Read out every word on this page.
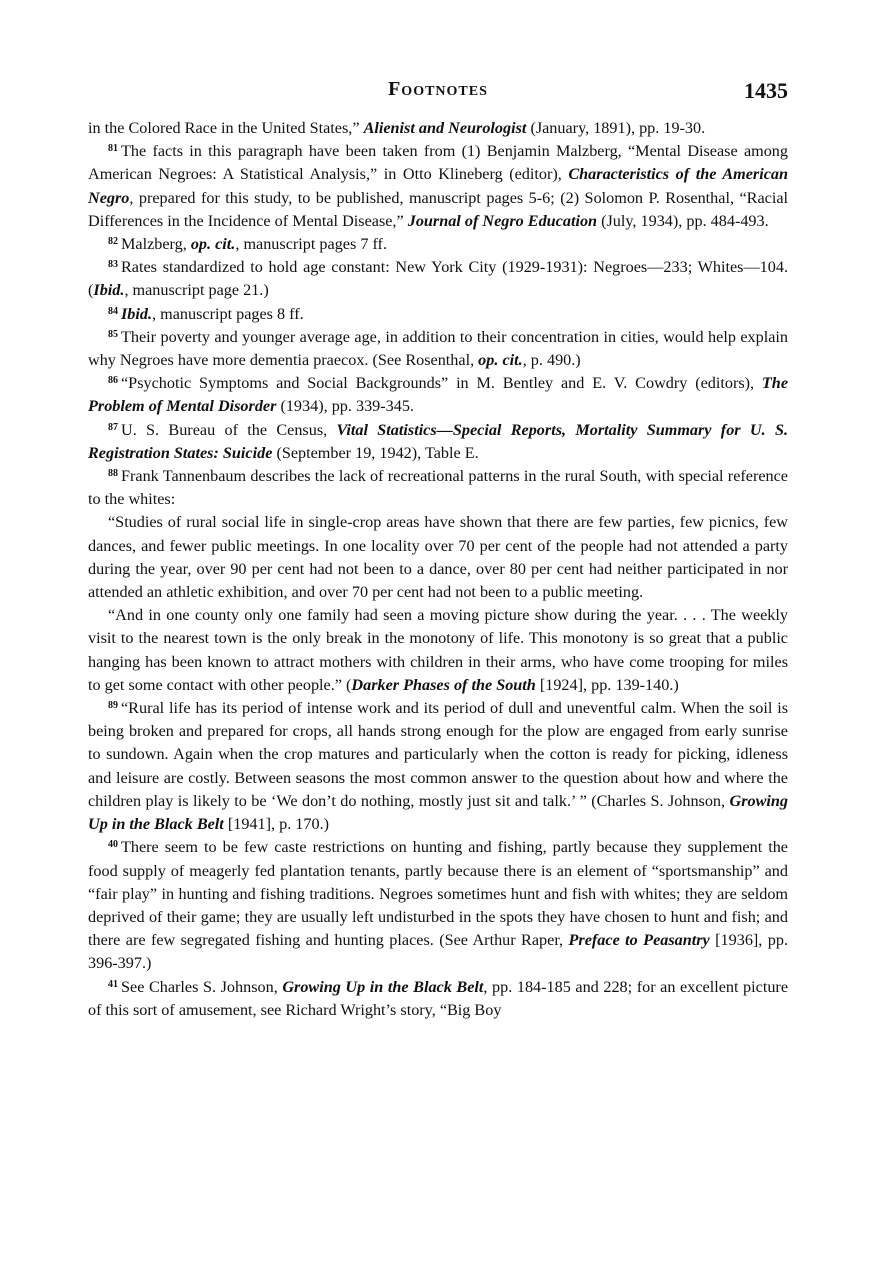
Footnotes	1435

in the Colored Race in the United States,” Alienist and Neurologist (January, 1891), pp. 19-30.

$^{81}$ The facts in this paragraph have been taken from (1) Benjamin Malzberg, “Mental Disease among American Negroes: A Statistical Analysis,” in Otto Klineberg (editor), Characteristics of the American Negro, prepared for this study, to be published, manuscript pages 5-6; (2) Solomon P. Rosenthal, “Racial Differences in the Incidence of Mental Disease,” Journal of Negro Education (July, 1934), pp. 484-493.

$^{82}$ Malzberg, op. cit., manuscript pages 7 ff.

$^{83}$ Rates standardized to hold age constant: New York City (1929-1931): Negroes—233; Whites—104. (Ibid., manuscript page 21.)

$^{84}$ Ibid., manuscript pages 8 ff.

$^{85}$ Their poverty and younger average age, in addition to their concentration in cities, would help explain why Negroes have more dementia praecox. (See Rosenthal, op. cit., p. 490.)

$^{86}$ “Psychotic Symptoms and Social Backgrounds” in M. Bentley and E. V. Cowdry (editors), The Problem of Mental Disorder (1934), pp. 339-345.

$^{87}$ U. S. Bureau of the Census, Vital Statistics—Special Reports, Mortality Summary for U. S. Registration States: Suicide (September 19, 1942), Table E.

$^{88}$ Frank Tannenbaum describes the lack of recreational patterns in the rural South, with special reference to the whites:

“Studies of rural social life in single-crop areas have shown that there are few parties, few picnics, few dances, and fewer public meetings. In one locality over 70 per cent of the people had not attended a party during the year, over 90 per cent had not been to a dance, over 80 per cent had neither participated in nor attended an athletic exhibition, and over 70 per cent had not been to a public meeting.

“And in one county only one family had seen a moving picture show during the year. . . . The weekly visit to the nearest town is the only break in the monotony of life. This monotony is so great that a public hanging has been known to attract mothers with children in their arms, who have come trooping for miles to get some contact with other people.” (Darker Phases of the South [1924], pp. 139-140.)

$^{89}$ “Rural life has its period of intense work and its period of dull and uneventful calm. When the soil is being broken and prepared for crops, all hands strong enough for the plow are engaged from early sunrise to sundown. Again when the crop matures and particularly when the cotton is ready for picking, idleness and leisure are costly. Between seasons the most common answer to the question about how and where the children play is likely to be ‘We don’t do nothing, mostly just sit and talk.’ ” (Charles S. Johnson, Growing Up in the Black Belt [1941], p. 170.)

$^{40}$ There seem to be few caste restrictions on hunting and fishing, partly because they supplement the food supply of meagerly fed plantation tenants, partly because there is an element of “sportsmanship” and “fair play” in hunting and fishing traditions. Negroes sometimes hunt and fish with whites; they are seldom deprived of their game; they are usually left undisturbed in the spots they have chosen to hunt and fish; and there are few segregated fishing and hunting places. (See Arthur Raper, Preface to Peasantry [1936], pp. 396-397.)

$^{41}$ See Charles S. Johnson, Growing Up in the Black Belt, pp. 184-185 and 228; for an excellent picture of this sort of amusement, see Richard Wright’s story, “Big Boy
